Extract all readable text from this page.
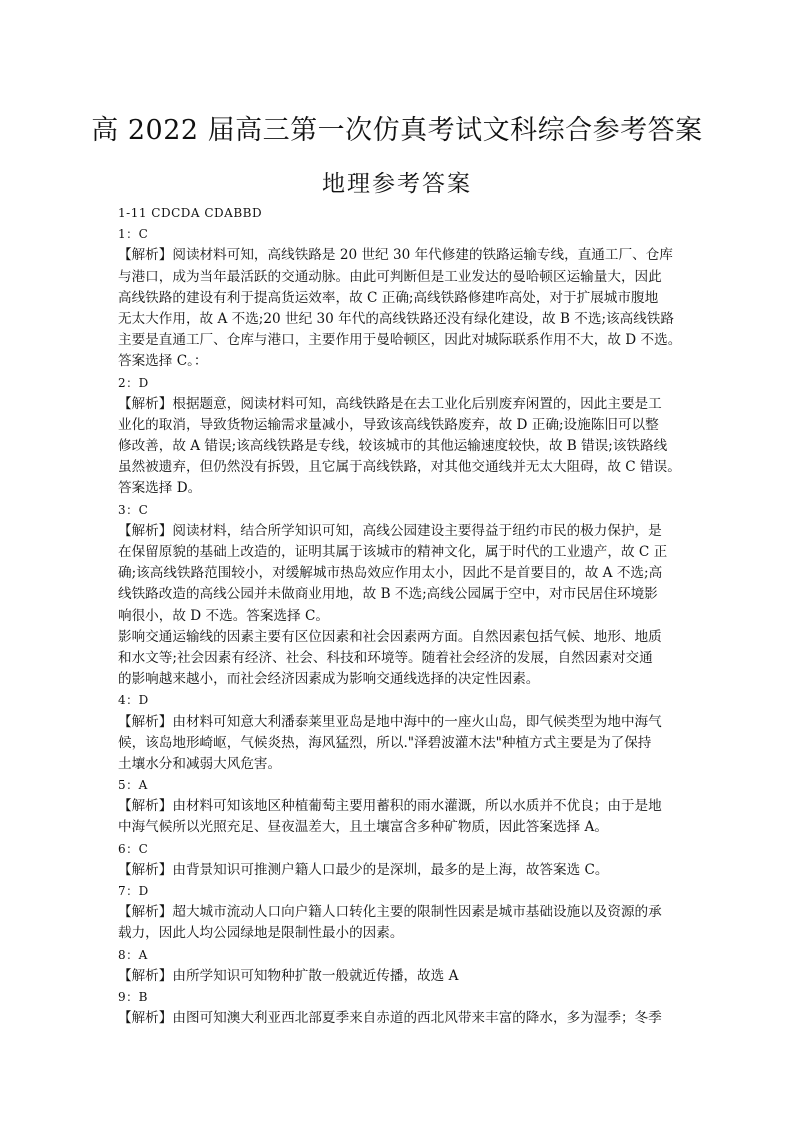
高 2022 届高三第一次仿真考试文科综合参考答案
地理参考答案
1-11 CDCDA CDABBD
1：C
【解析】阅读材料可知，高线铁路是 20 世纪 30 年代修建的铁路运输专线，直通工厂、仓库
与港口，成为当年最活跃的交通动脉。由此可判断但是工业发达的曼哈顿区运输量大，因此
高线铁路的建设有利于提高货运效率，故 C 正确;高线铁路修建咋高处，对于扩展城市腹地
无太大作用，故 A 不选;20 世纪 30 年代的高线铁路还没有绿化建设，故 B 不选;该高线铁路
主要是直通工厂、仓库与港口，主要作用于曼哈顿区，因此对城际联系作用不大，故 D 不选。
答案选择 C。：
2：D
【解析】根据题意，阅读材料可知，高线铁路是在去工业化后别废弃闲置的，因此主要是工
业化的取消，导致货物运输需求量减小，导致该高线铁路废弃，故 D 正确;设施陈旧可以整
修改善，故 A 错误;该高线铁路是专线，较该城市的其他运输速度较快，故 B 错误;该铁路线
虽然被遗弃，但仍然没有拆毁，且它属于高线铁路，对其他交通线并无太大阻碍，故 C 错误。
答案选择 D。
3：C
【解析】阅读材料，结合所学知识可知，高线公园建设主要得益于纽约市民的极力保护，是
在保留原貌的基础上改造的，证明其属于该城市的精神文化，属于时代的工业遗产，故 C 正
确;该高线铁路范围较小，对缓解城市热岛效应作用太小，因此不是首要目的，故 A 不选;高
线铁路改造的高线公园并未做商业用地，故 B 不选;高线公园属于空中，对市民居住环境影
响很小，故 D 不选。答案选择 C。
影响交通运输线的因素主要有区位因素和社会因素两方面。自然因素包括气候、地形、地质
和水文等;社会因素有经济、社会、科技和环境等。随着社会经济的发展，自然因素对交通
的影响越来越小，而社会经济因素成为影响交通线选择的决定性因素。
4：D
【解析】由材料可知意大利潘泰莱里亚岛是地中海中的一座火山岛，即气候类型为地中海气
候，该岛地形崎岖，气候炎热，海风猛烈，所以."泽碧波灌木法"种植方式主要是为了保持
土壤水分和减弱大风危害。
5：A
【解析】由材料可知该地区种植葡萄主要用蓄积的雨水灌溉，所以水质并不优良；由于是地
中海气候所以光照充足、昼夜温差大，且土壤富含多种矿物质，因此答案选择 A。
6：C
【解析】由背景知识可推测户籍人口最少的是深圳，最多的是上海，故答案选 C。
7：D
【解析】超大城市流动人口向户籍人口转化主要的限制性因素是城市基础设施以及资源的承
载力，因此人均公园绿地是限制性最小的因素。
8：A
【解析】由所学知识可知物种扩散一般就近传播，故选 A
9：B
【解析】由图可知澳大利亚西北部夏季来自赤道的西北风带来丰富的降水，多为湿季；冬季
